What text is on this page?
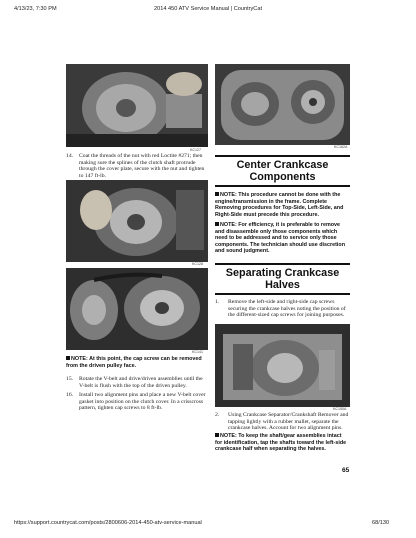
4/13/23, 7:30 PM	2014 450 ATV Service Manual | CountryCat
KC127
14. Coat the threads of the nut with red Loctite #271; then making sure the splines of the clutch shaft protrude through the cover plate, secure with the nut and tighten to 147 ft-lb.
KC128
KC141
NOTE: At this point, the cap screw can be removed from the driven pulley face.
15. Rotate the V-belt and drive/driven assemblies until the V-belt is flush with the top of the driven pulley.
16. Install two alignment pins and place a new V-belt cover gasket into position on the clutch cover. In a crisscross pattern, tighten cap screws to 8 ft-lb.
KC162A
Center Crankcase Components
NOTE: This procedure cannot be done with the engine/transmission in the frame. Complete Removing procedures for Top-Side, Left-Side, and Right-Side must precede this procedure.
NOTE: For efficiency, it is preferable to remove and disassemble only those components which need to be addressed and to service only those components. The technician should use discretion and sound judgment.
Separating Crankcase Halves
1. Remove the left-side and right-side cap screws securing the crankcase halves noting the position of the different-sized cap screws for joining purposes.
KC150A
2. Using Crankcase Separator/Crankshaft Remover and tapping lightly with a rubber mallet, separate the crankcase halves. Account for two alignment pins.
NOTE: To keep the shaft/gear assemblies intact for identification, tap the shafts toward the left-side crankcase half when separating the halves.
65
https://support.countrycat.com/posts/2800606-2014-450-atv-service-manual	68/130
